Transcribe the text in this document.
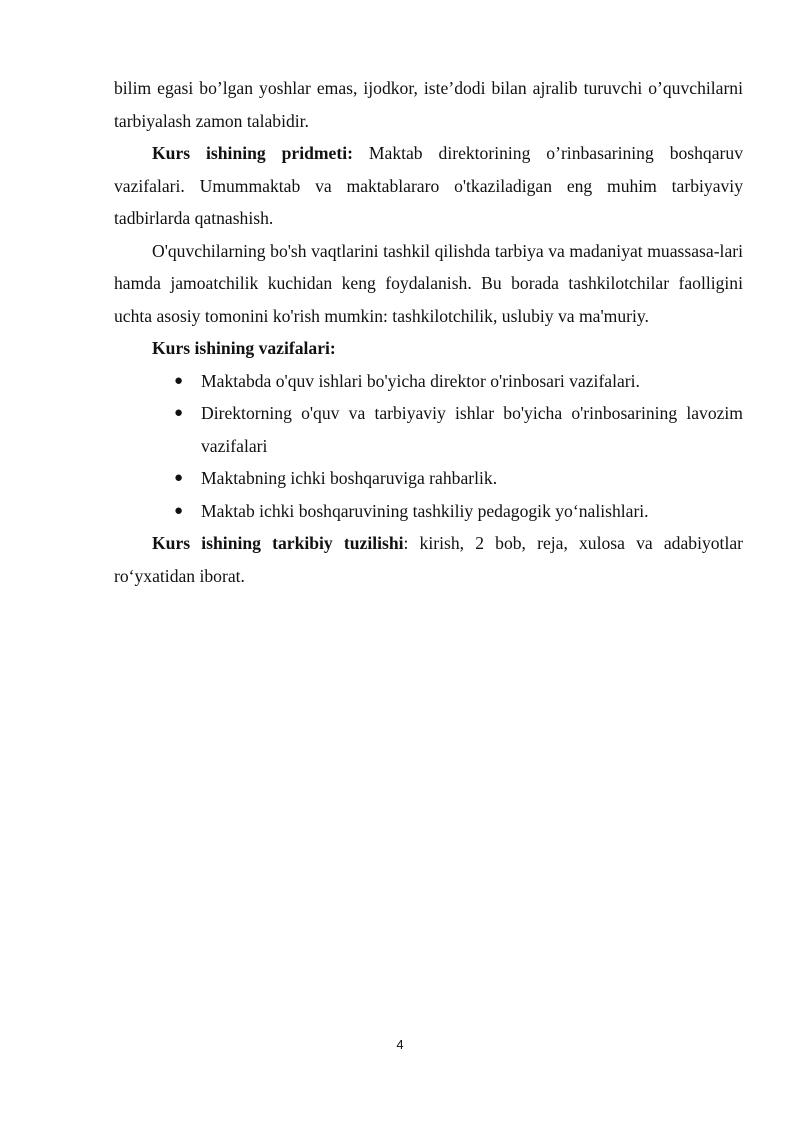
bilim egasi bo’lgan yoshlar emas, ijodkor, iste’dodi bilan ajralib turuvchi o’quvchilarni tarbiyalash zamon talabidir.

Kurs ishining pridmeti: Maktab direktorining o’rinbasarining boshqaruv vazifalari. Umummaktab va maktablararo o'tkaziladigan eng muhim tarbiyaviy tadbirlarda qatnashish.

O'quvchilarning bo'sh vaqtlarini tashkil qilishda tarbiya va madaniyat muassasa-lari hamda jamoatchilik kuchidan keng foydalanish. Bu borada tashkilotchilar faolligini uchta asosiy tomonini ko'rish mumkin: tashkilotchilik, uslubiy va ma'muriy.

Kurs ishining vazifalari:

● Maktabda o'quv ishlari bo'yicha direktor o'rinbosari vazifalari.
● Direktorning o'quv va tarbiyaviy ishlar bo'yicha o'rinbosarining lavozim vazifalari
● Maktabning ichki boshqaruviga rahbarlik.
● Maktab ichki boshqaruvining tashkiliy pedagogik yo‘nalishlari.

Kurs ishining tarkibiy tuzilishi: kirish, 2 bob, reja, xulosa va adabiyotlar ro‘yxatidan iborat.

4
